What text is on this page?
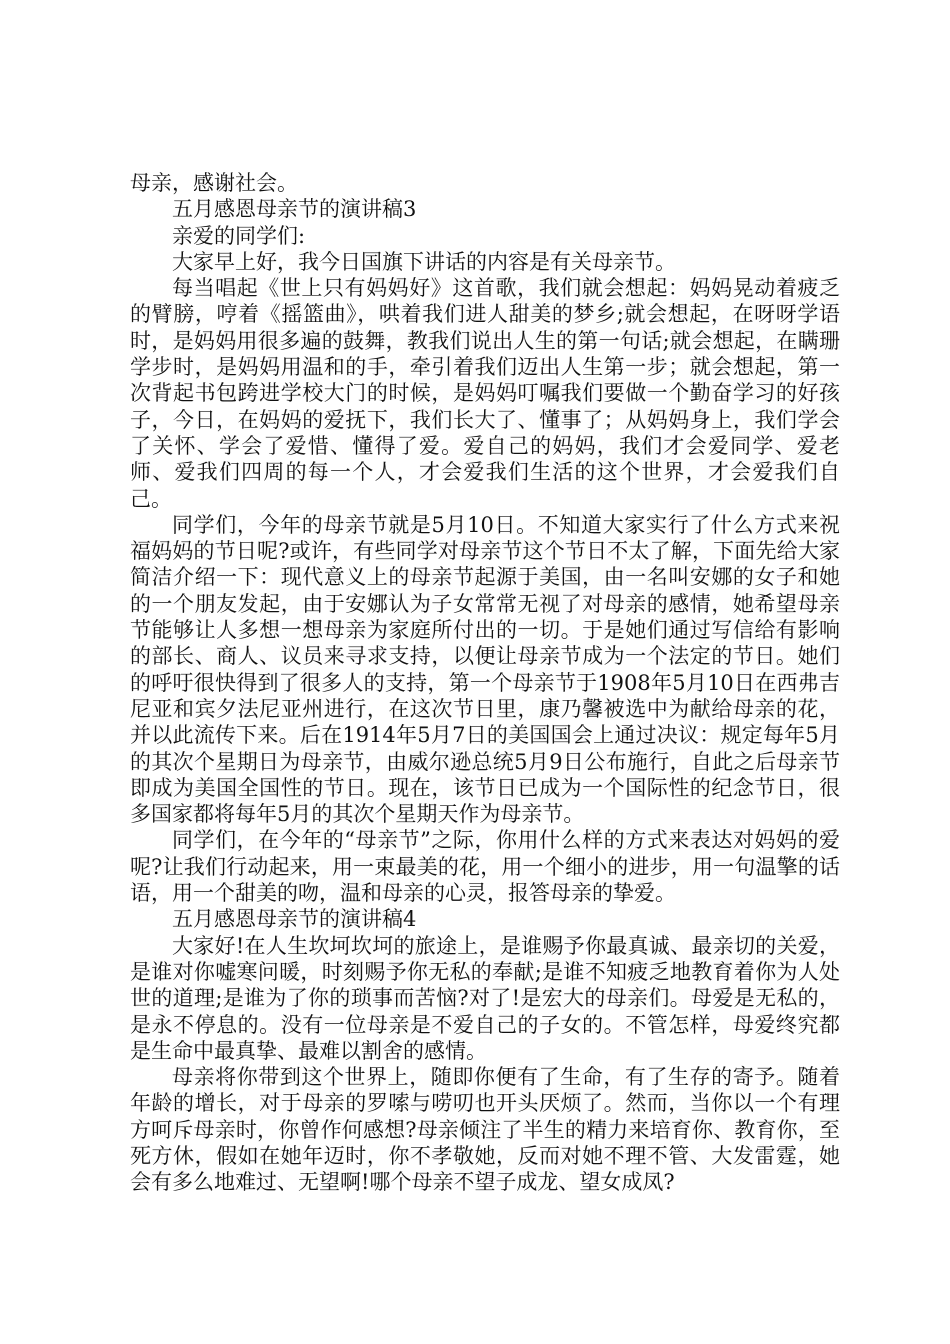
母亲，感谢社会。

五月感恩母亲节的演讲稿3

亲爱的同学们:

大家早上好，我今日国旗下讲话的内容是有关母亲节。

每当唱起《世上只有妈妈好》这首歌，我们就会想起：妈妈晃动着疲乏的臂膀，哼着《摇篮曲》，哄着我们进人甜美的梦乡;就会想起，在呀呀学语时，是妈妈用很多遍的鼓舞，教我们说出人生的第一句话;就会想起，在瞒珊学步时，是妈妈用温和的手，牵引着我们迈出人生第一步；就会想起，第一次背起书包跨进学校大门的时候，是妈妈叮嘱我们要做一个勤奋学习的好孩子，今日，在妈妈的爱抚下，我们长大了、懂事了；从妈妈身上，我们学会了关怀、学会了爱惜、懂得了爱。爱自己的妈妈，我们才会爱同学、爱老师、爱我们四周的每一个人，才会爱我们生活的这个世界，才会爱我们自己。

同学们，今年的母亲节就是5月10日。不知道大家实行了什么方式来祝福妈妈的节日呢?或许，有些同学对母亲节这个节日不太了解，下面先给大家简洁介绍一下：现代意义上的母亲节起源于美国，由一名叫安娜的女子和她的一个朋友发起，由于安娜认为子女常常无视了对母亲的感情，她希望母亲节能够让人多想一想母亲为家庭所付出的一切。于是她们通过写信给有影响的部长、商人、议员来寻求支持，以便让母亲节成为一个法定的节日。她们的呼吁很快得到了很多人的支持，第一个母亲节于1908年5月10日在西弗吉尼亚和宾夕法尼亚州进行，在这次节日里，康乃馨被选中为献给母亲的花，并以此流传下来。后在1914年5月7日的美国国会上通过决议：规定每年5月的其次个星期日为母亲节，由威尔逊总统5月9日公布施行，自此之后母亲节即成为美国全国性的节日。现在，该节日已成为一个国际性的纪念节日，很多国家都将每年5月的其次个星期天作为母亲节。

同学们，在今年的“母亲节”之际，你用什么样的方式来表达对妈妈的爱呢?让我们行动起来，用一束最美的花，用一个细小的进步，用一句温擎的话语，用一个甜美的吻，温和母亲的心灵，报答母亲的挚爱。

五月感恩母亲节的演讲稿4

大家好!在人生坎坷坎坷的旅途上，是谁赐予你最真诚、最亲切的关爱，是谁对你嘘寒问暖，时刻赐予你无私的奉献;是谁不知疲乏地教育着你为人处世的道理;是谁为了你的琐事而苦恼?对了!是宏大的母亲们。母爱是无私的，是永不停息的。没有一位母亲是不爱自己的子女的。不管怎样，母爱终究都是生命中最真挚、最难以割舍的感情。

母亲将你带到这个世界上，随即你便有了生命，有了生存的寄予。随着年龄的增长，对于母亲的罗嗦与唠叨也开头厌烦了。然而，当你以一个有理方呵斥母亲时，你曾作何感想?母亲倾注了半生的精力来培育你、教育你，至死方休，假如在她年迈时，你不孝敬她，反而对她不理不管、大发雷霆，她会有多么地难过、无望啊!哪个母亲不望子成龙、望女成凤?
